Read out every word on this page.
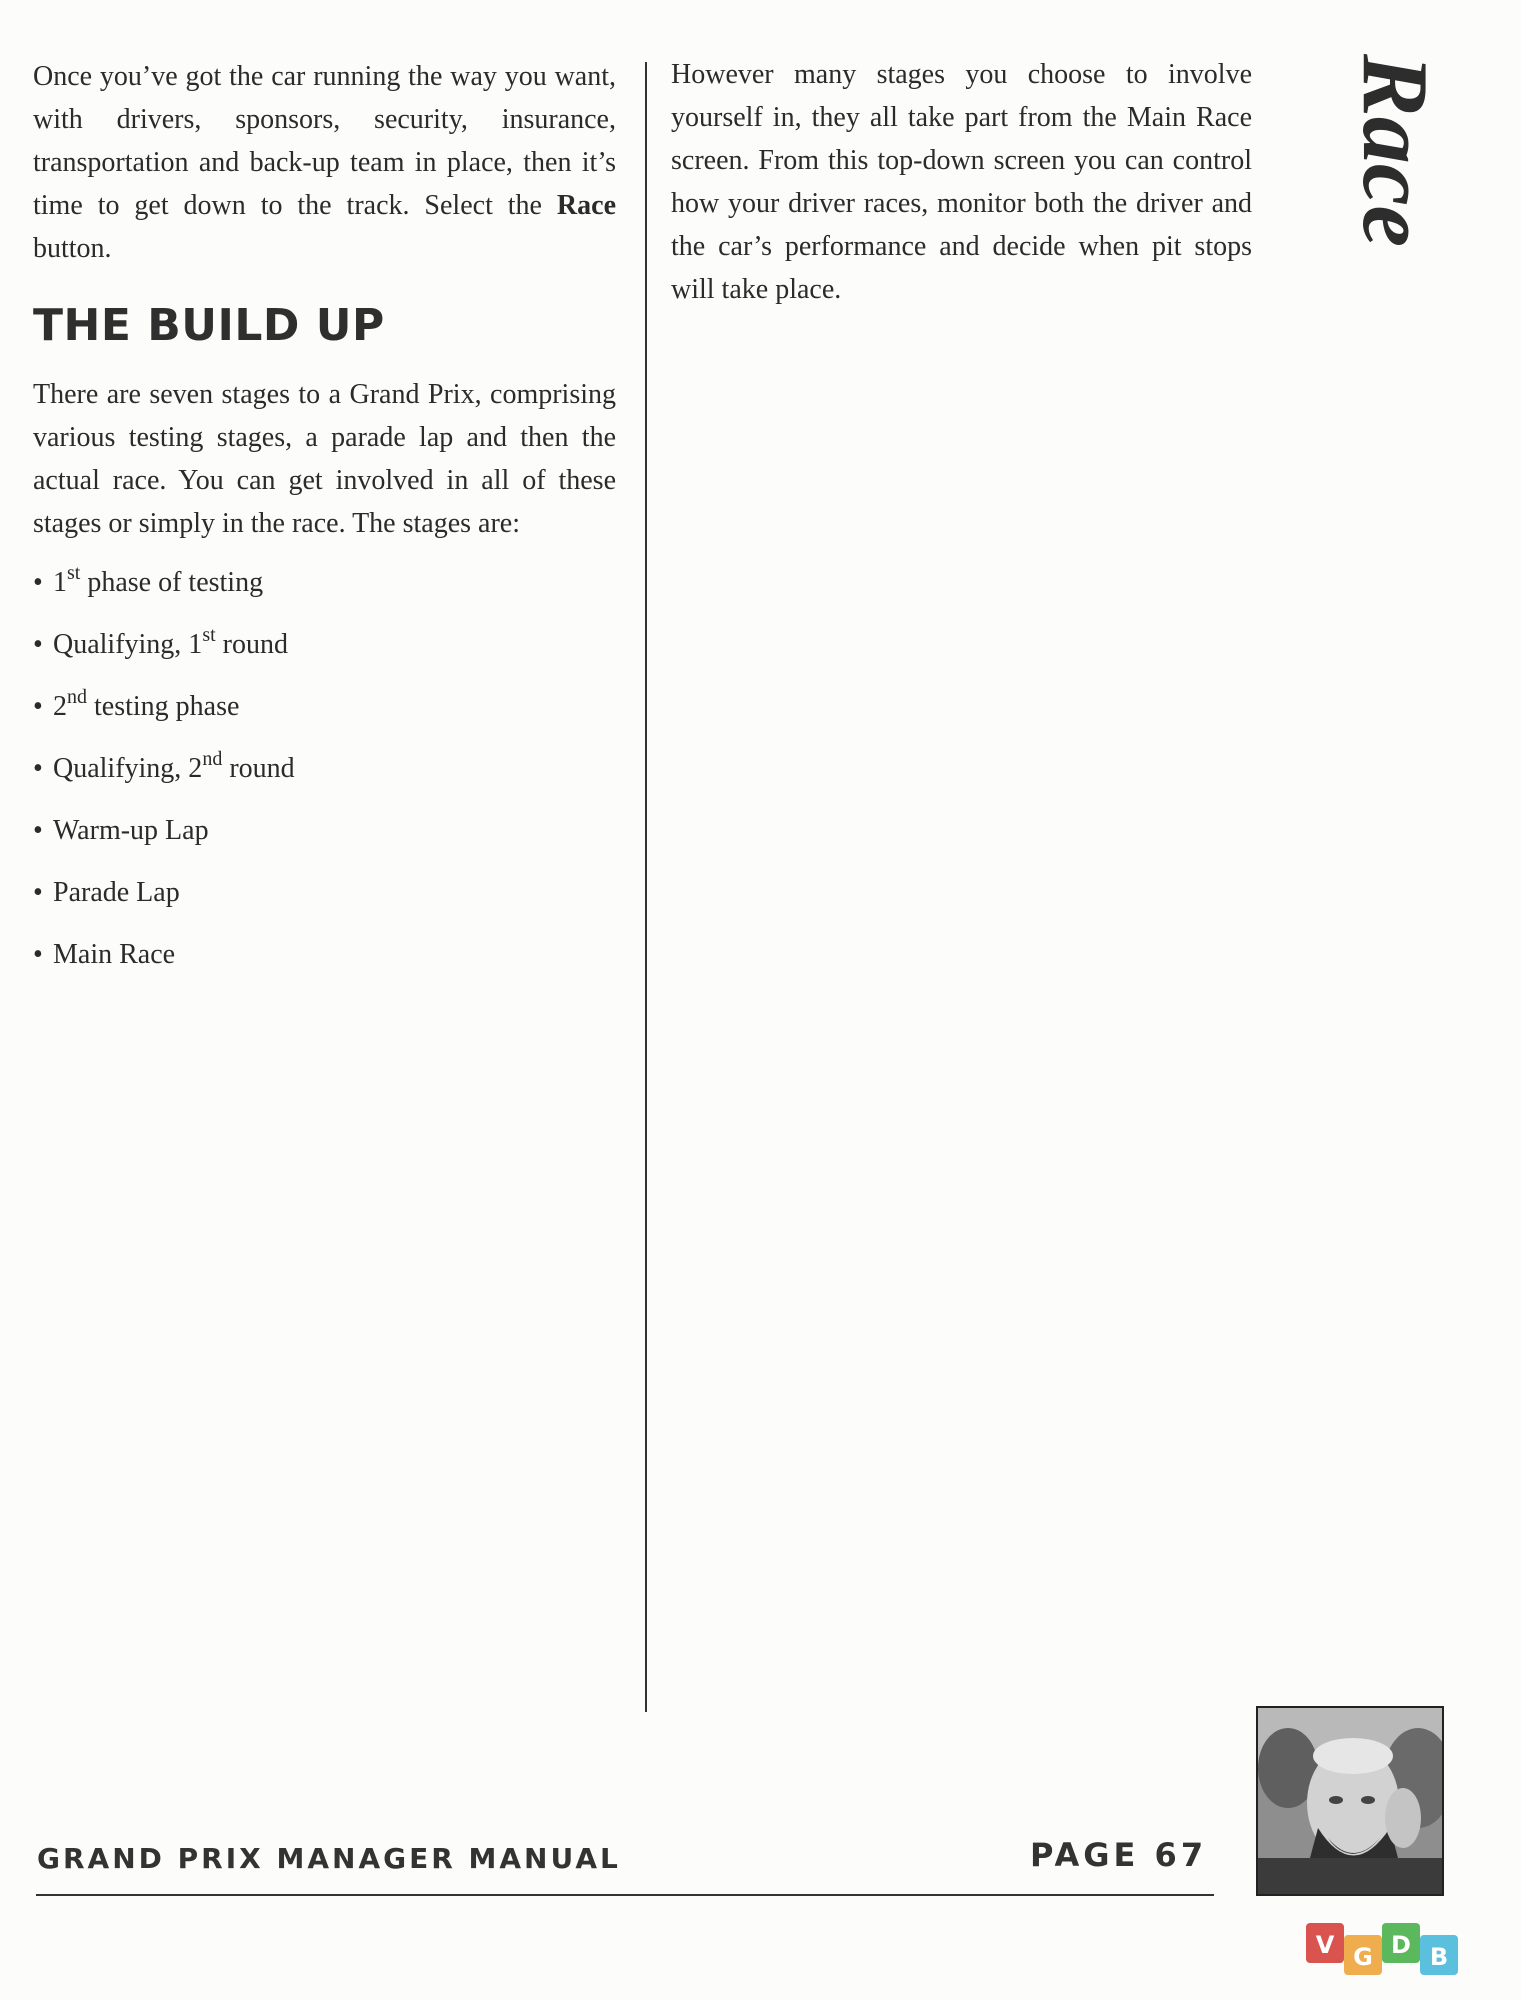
Once you’ve got the car running the way you want, with drivers, sponsors, security, insurance, transportation and back-up team in place, then it’s time to get down to the track. Select the Race button.

THE BUILD UP

There are seven stages to a Grand Prix, comprising various testing stages, a parade lap and then the actual race. You can get involved in all of these stages or simply in the race. The stages are:

• 1st phase of testing
• Qualifying, 1st round
• 2nd testing phase
• Qualifying, 2nd round
• Warm-up Lap
• Parade Lap
• Main Race

However many stages you choose to involve yourself in, they all take part from the Main Race screen. From this top-down screen you can control how your driver races, monitor both the driver and the car’s performance and decide when pit stops will take place.

Race
GRAND PRIX MANAGER MANUAL	PAGE 67
V G D B
